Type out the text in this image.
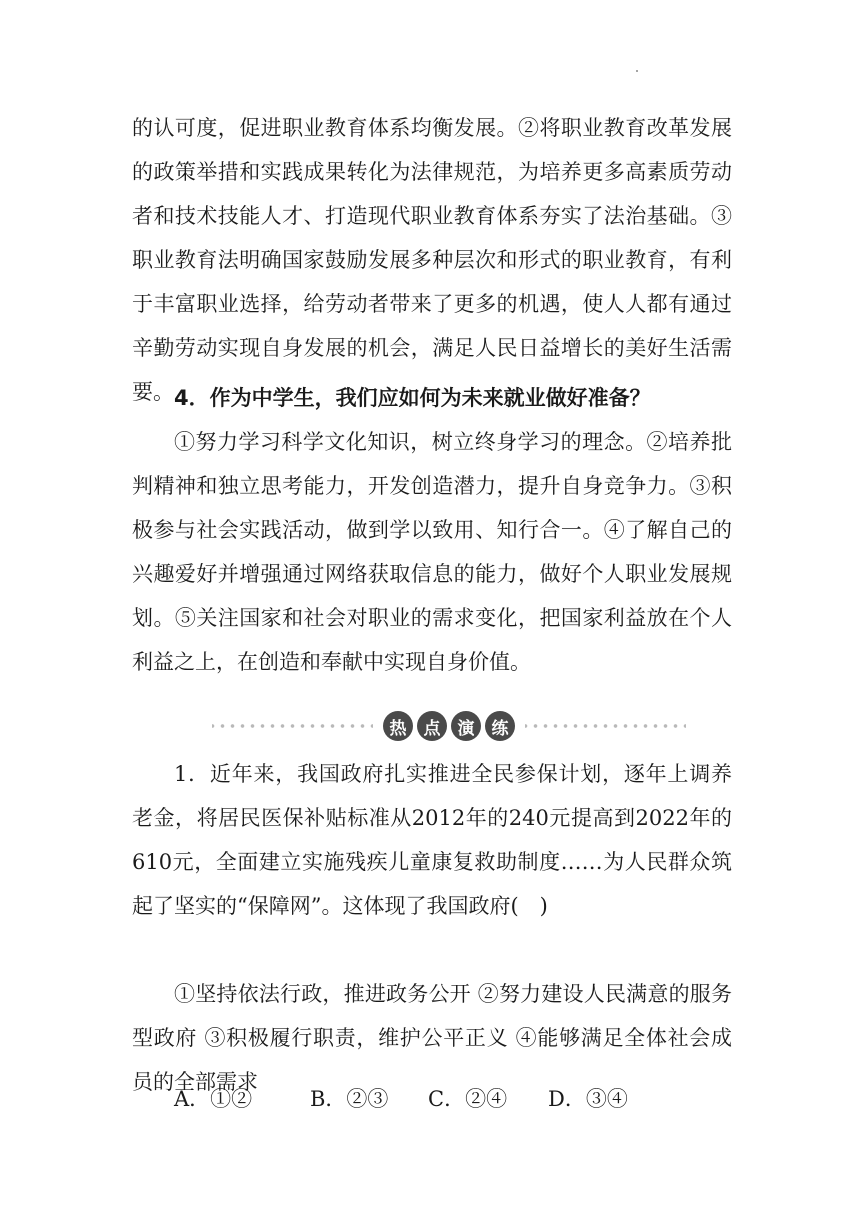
的认可度，促进职业教育体系均衡发展。②将职业教育改革发展的政策举措和实践成果转化为法律规范，为培养更多高素质劳动者和技术技能人才、打造现代职业教育体系夯实了法治基础。③职业教育法明确国家鼓励发展多种层次和形式的职业教育，有利于丰富职业选择，给劳动者带来了更多的机遇，使人人都有通过辛勤劳动实现自身发展的机会，满足人民日益增长的美好生活需要。 4．作为中学生，我们应如何为未来就业做好准备？

①努力学习科学文化知识，树立终身学习的理念。②培养批判精神和独立思考能力，开发创造潜力，提升自身竞争力。③积极参与社会实践活动，做到学以致用、知行合一。④了解自己的兴趣爱好并增强通过网络获取信息的能力，做好个人职业发展规划。⑤关注国家和社会对职业的需求变化，把国家利益放在个人利益之上，在创造和奉献中实现自身价值。

热	点	演	练

1．近年来，我国政府扎实推进全民参保计划，逐年上调养老金，将居民医保补贴标准从2012年的240元提高到2022年的610元，全面建立实施残疾儿童康复救助制度……为人民群众筑起了坚实的“保障网”。这体现了我国政府(　)

①坚持依法行政，推进政务公开 ②努力建设人民满意的服务型政府 ③积极履行职责，维护公平正义 ④能够满足全体社会成员的全部需求

A．①②	B．②③	C．②④	D．③④
